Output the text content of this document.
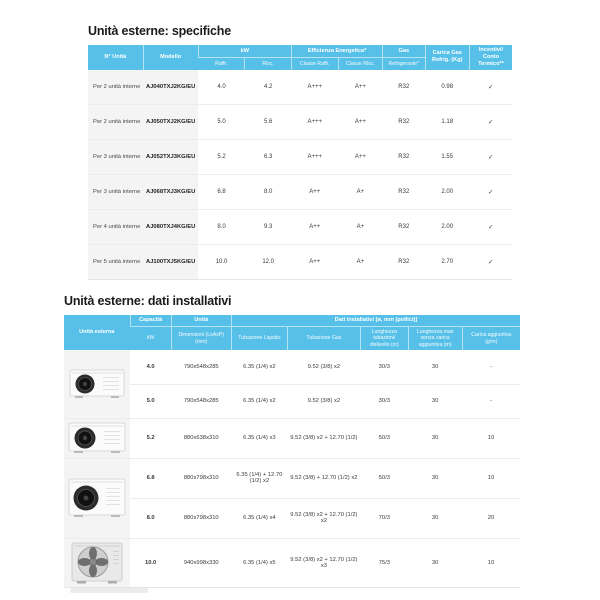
Unità esterne: specifiche
N° Unità	Modello	kW		Efficienza Energetica*		Gas	Carica Gas Refrig. (Kg)	Incentivi/ Conto Termico**
		Raffr.	Risc.	Classe Raffr.	Classe Risc.	Refrigerante*		
Per 2 unità interne	AJ040TXJ2KG/EU	4.0	4.2	A+++	A++	R32	0.98	✓
Per 2 unità interne	AJ050TXJ2KG/EU	5.0	5.6	A+++	A++	R32	1.18	✓
Per 3 unità interne	AJ052TXJ3KG/EU	5.2	6.3	A+++	A++	R32	1.55	✓
Per 3 unità interne	AJ068TXJ3KG/EU	6.8	8.0	A++	A+	R32	2.00	✓
Per 4 unità interne	AJ080TXJ4KG/EU	8.0	9.3	A++	A+	R32	2.00	✓
Per 5 unità interne	AJ100TXJ5KG/EU	10.0	12.0	A++	A+	R32	2.70	✓
Unità esterne: dati installativi
Unità esterna	Capacità	Unità	Dati installativi [ø, mm (pollici)]				
	kW	Dimensioni (LxAxP) (mm)	Tubazione Liquido	Tubazione Gas	Lunghezza tubazioni/ dislivello (m)	Lunghezza max senza carica aggiuntiva (m)	Carica aggiuntiva (g/m)

	4.0	790x548x285	6.35 (1/4) x2	9.52 (3/8) x2	30/3	30	-
	5.0	790x548x285	6.35 (1/4) x2	9.52 (3/8) x2	30/3	30	-

	5.2	880x638x310	6.35 (1/4) x3	9.52 (3/8) x2 + 12.70 (1/2)	50/3	30	10

	6.8	880x798x310	6.35 (1/4) + 12.70 (1/2) x2	9.52 (3/8) + 12.70 (1/2) x2	50/3	30	10
	8.0	880x798x310	6.35 (1/4) x4	9.52 (3/8) x2 + 12.70 (1/2) x2	70/3	30	20

	10.0	940x998x330	6.35 (1/4) x5	9.52 (3/8) x2 + 12.70 (1/2) x3	75/3	30	10
